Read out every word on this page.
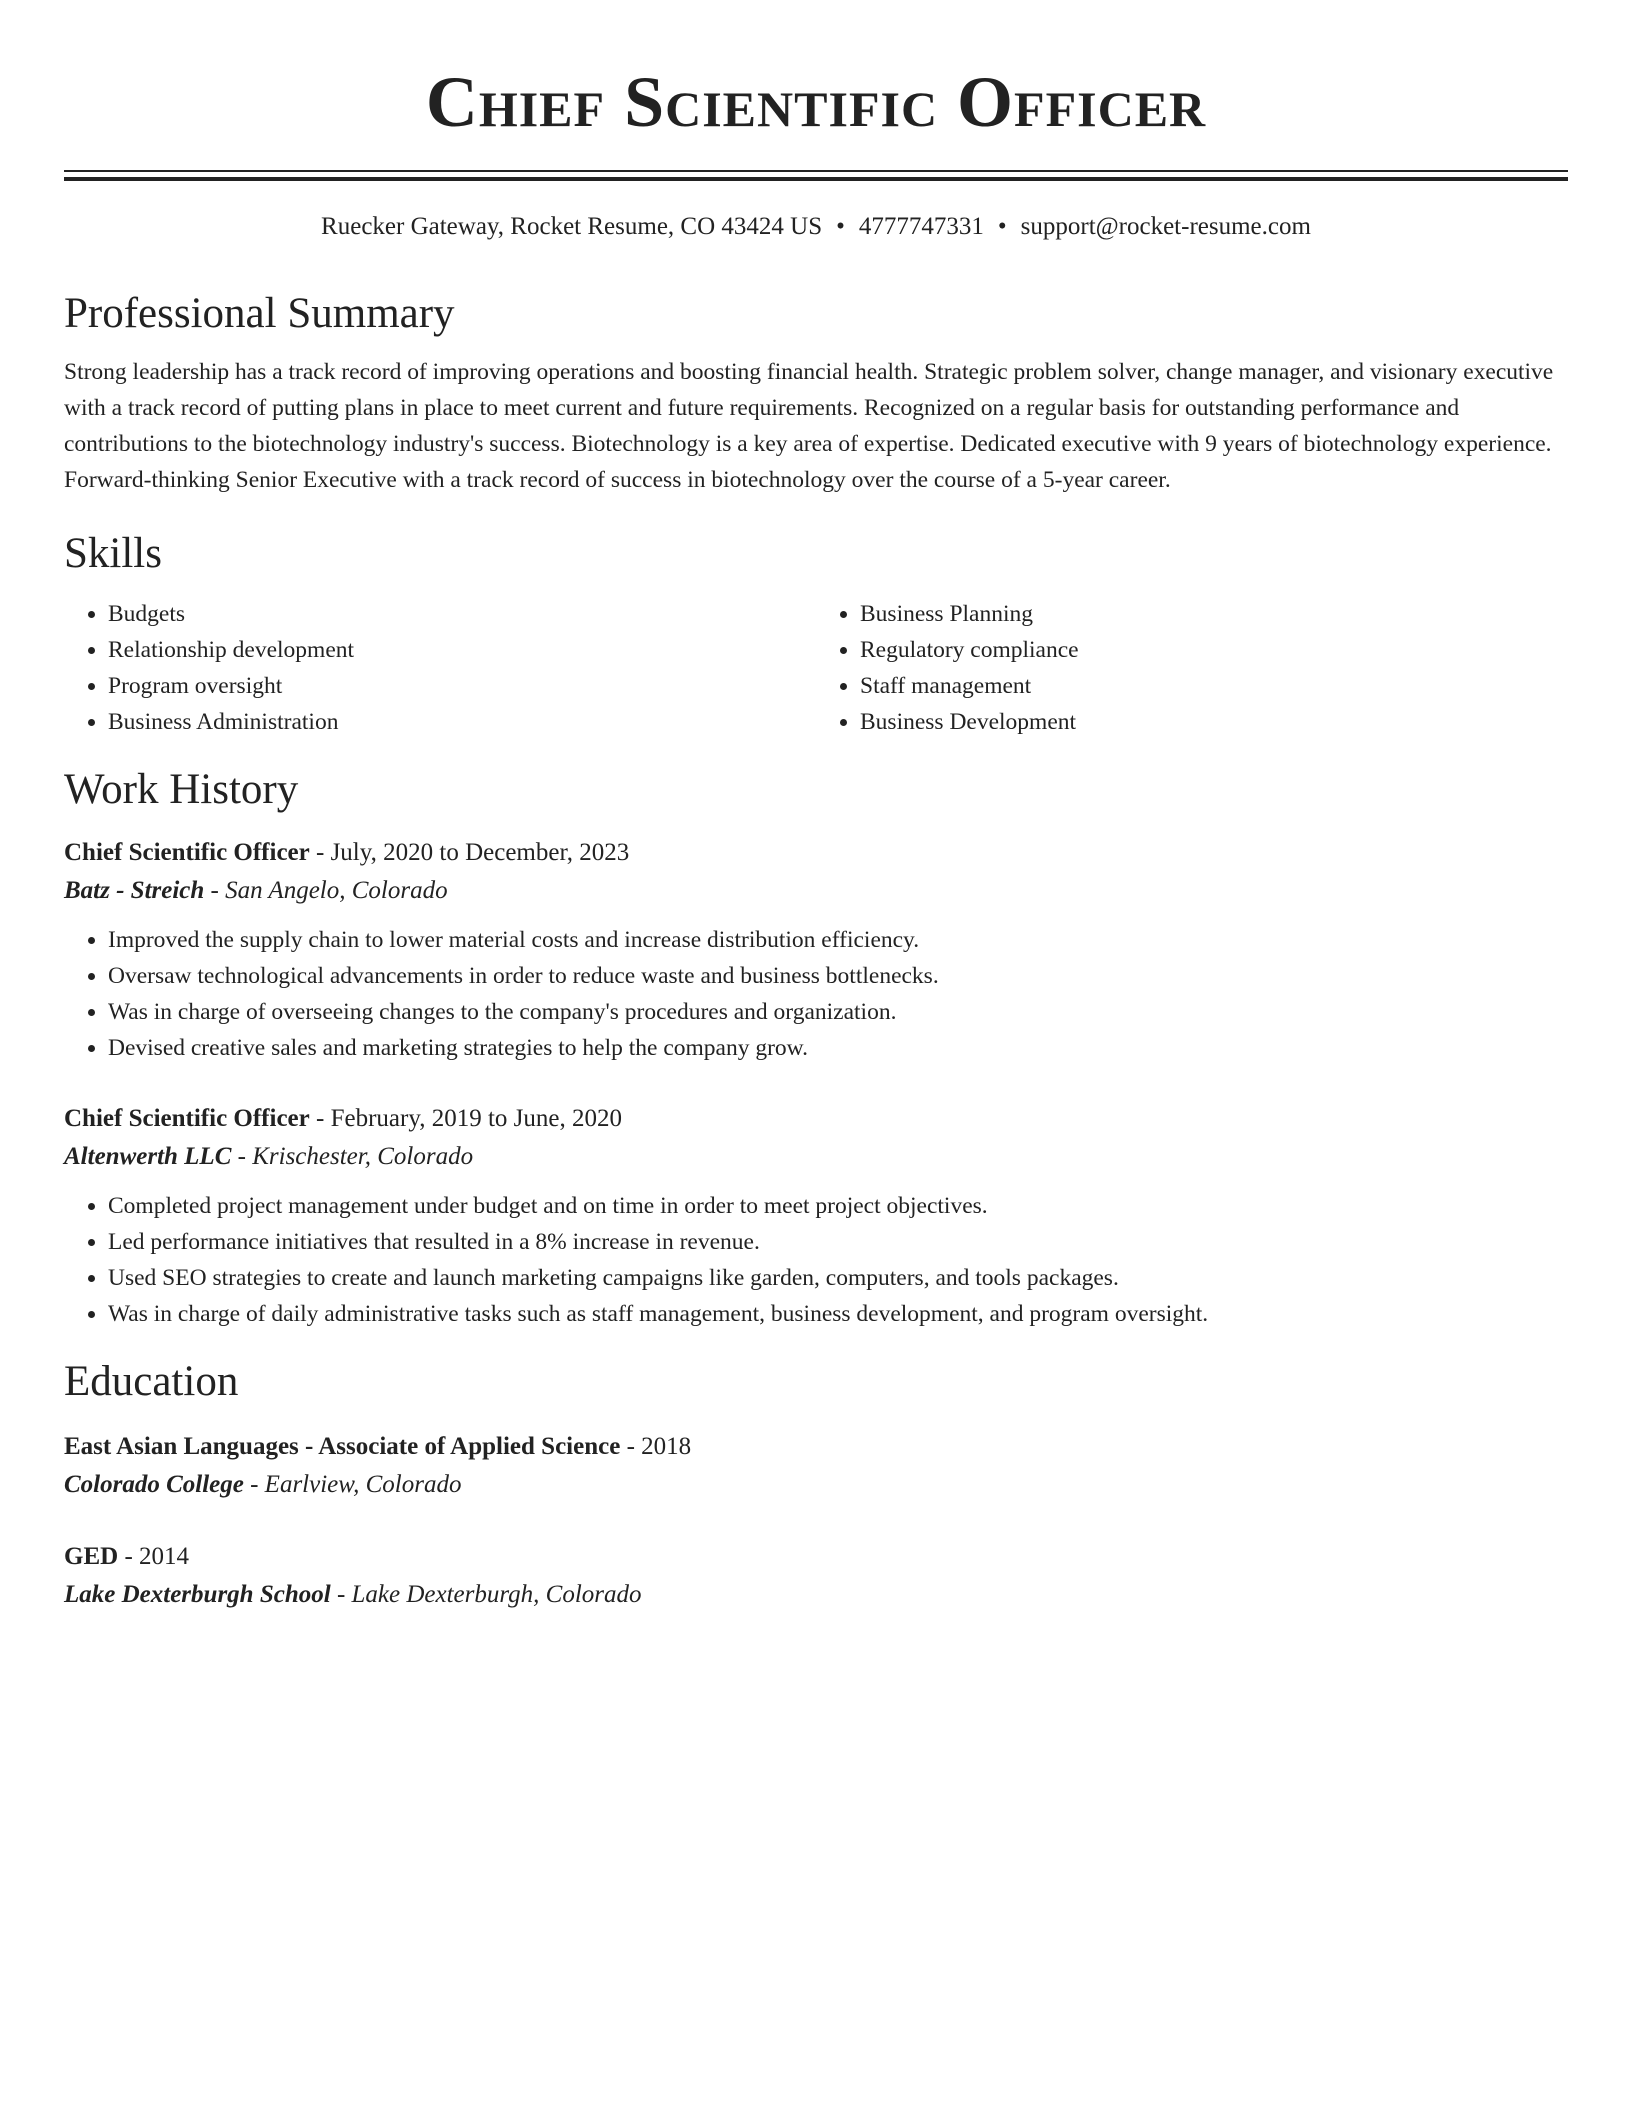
Chief Scientific Officer
Ruecker Gateway, Rocket Resume, CO 43424 US • 4777747331 • support@rocket-resume.com
Professional Summary

Strong leadership has a track record of improving operations and boosting financial health. Strategic problem solver, change manager, and visionary executive with a track record of putting plans in place to meet current and future requirements. Recognized on a regular basis for outstanding performance and contributions to the biotechnology industry's success. Biotechnology is a key area of expertise. Dedicated executive with 9 years of biotechnology experience. Forward-thinking Senior Executive with a track record of success in biotechnology over the course of a 5-year career.

Skills
• Budgets
• Relationship development
• Program oversight
• Business Administration
• Business Planning
• Regulatory compliance
• Staff management
• Business Development
Work History
Chief Scientific Officer - July, 2020 to December, 2023
Batz - Streich - San Angelo, Colorado
• Improved the supply chain to lower material costs and increase distribution efficiency.
• Oversaw technological advancements in order to reduce waste and business bottlenecks.
• Was in charge of overseeing changes to the company's procedures and organization.
• Devised creative sales and marketing strategies to help the company grow.
Chief Scientific Officer - February, 2019 to June, 2020
Altenwerth LLC - Krischester, Colorado
• Completed project management under budget and on time in order to meet project objectives.
• Led performance initiatives that resulted in a 8% increase in revenue.
• Used SEO strategies to create and launch marketing campaigns like garden, computers, and tools packages.
• Was in charge of daily administrative tasks such as staff management, business development, and program oversight.
Education
East Asian Languages - Associate of Applied Science - 2018
Colorado College - Earlview, Colorado
GED - 2014
Lake Dexterburgh School - Lake Dexterburgh, Colorado
